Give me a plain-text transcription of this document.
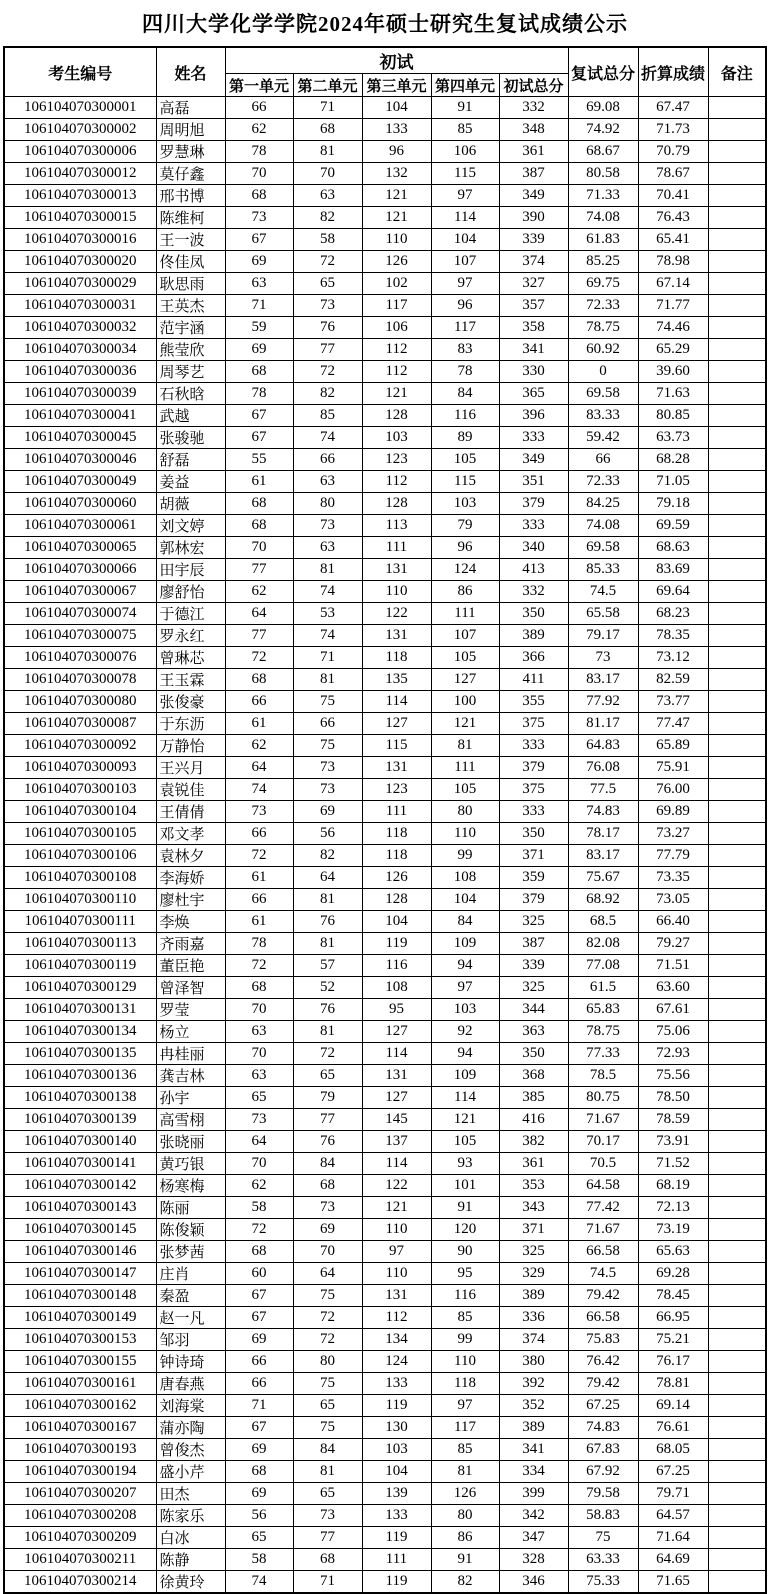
四川大学化学学院2024年硕士研究生复试成绩公示
考生编号	姓名	初试					复试总分	折算成绩	备注
		第一单元	第二单元	第三单元	第四单元	初试总分			
106104070300001	高磊	66	71	104	91	332	69.08	67.47	
106104070300002	周明旭	62	68	133	85	348	74.92	71.73	
106104070300006	罗慧琳	78	81	96	106	361	68.67	70.79	
106104070300012	莫仔鑫	70	70	132	115	387	80.58	78.67	
106104070300013	邢书博	68	63	121	97	349	71.33	70.41	
106104070300015	陈维柯	73	82	121	114	390	74.08	76.43	
106104070300016	王一波	67	58	110	104	339	61.83	65.41	
106104070300020	佟佳凤	69	72	126	107	374	85.25	78.98	
106104070300029	耿思雨	63	65	102	97	327	69.75	67.14	
106104070300031	王英杰	71	73	117	96	357	72.33	71.77	
106104070300032	范宇涵	59	76	106	117	358	78.75	74.46	
106104070300034	熊莹欣	69	77	112	83	341	60.92	65.29	
106104070300036	周琴艺	68	72	112	78	330	0	39.60	
106104070300039	石秋晗	78	82	121	84	365	69.58	71.63	
106104070300041	武越	67	85	128	116	396	83.33	80.85	
106104070300045	张骏驰	67	74	103	89	333	59.42	63.73	
106104070300046	舒磊	55	66	123	105	349	66	68.28	
106104070300049	姜益	61	63	112	115	351	72.33	71.05	
106104070300060	胡薇	68	80	128	103	379	84.25	79.18	
106104070300061	刘文婷	68	73	113	79	333	74.08	69.59	
106104070300065	郭林宏	70	63	111	96	340	69.58	68.63	
106104070300066	田宇辰	77	81	131	124	413	85.33	83.69	
106104070300067	廖舒怡	62	74	110	86	332	74.5	69.64	
106104070300074	于德江	64	53	122	111	350	65.58	68.23	
106104070300075	罗永红	77	74	131	107	389	79.17	78.35	
106104070300076	曾琳芯	72	71	118	105	366	73	73.12	
106104070300078	王玉霖	68	81	135	127	411	83.17	82.59	
106104070300080	张俊豪	66	75	114	100	355	77.92	73.77	
106104070300087	于东沥	61	66	127	121	375	81.17	77.47	
106104070300092	万静怡	62	75	115	81	333	64.83	65.89	
106104070300093	王兴月	64	73	131	111	379	76.08	75.91	
106104070300103	袁锐佳	74	73	123	105	375	77.5	76.00	
106104070300104	王倩倩	73	69	111	80	333	74.83	69.89	
106104070300105	邓文孝	66	56	118	110	350	78.17	73.27	
106104070300106	袁林夕	72	82	118	99	371	83.17	77.79	
106104070300108	李海娇	61	64	126	108	359	75.67	73.35	
106104070300110	廖杜宇	66	81	128	104	379	68.92	73.05	
106104070300111	李焕	61	76	104	84	325	68.5	66.40	
106104070300113	齐雨嘉	78	81	119	109	387	82.08	79.27	
106104070300119	董臣艳	72	57	116	94	339	77.08	71.51	
106104070300129	曾泽智	68	52	108	97	325	61.5	63.60	
106104070300131	罗莹	70	76	95	103	344	65.83	67.61	
106104070300134	杨立	63	81	127	92	363	78.75	75.06	
106104070300135	冉桂丽	70	72	114	94	350	77.33	72.93	
106104070300136	龚吉林	63	65	131	109	368	78.5	75.56	
106104070300138	孙宇	65	79	127	114	385	80.75	78.50	
106104070300139	高雪栩	73	77	145	121	416	71.67	78.59	
106104070300140	张晓丽	64	76	137	105	382	70.17	73.91	
106104070300141	黄巧银	70	84	114	93	361	70.5	71.52	
106104070300142	杨寒梅	62	68	122	101	353	64.58	68.19	
106104070300143	陈丽	58	73	121	91	343	77.42	72.13	
106104070300145	陈俊颖	72	69	110	120	371	71.67	73.19	
106104070300146	张梦茜	68	70	97	90	325	66.58	65.63	
106104070300147	庄肖	60	64	110	95	329	74.5	69.28	
106104070300148	秦盈	67	75	131	116	389	79.42	78.45	
106104070300149	赵一凡	67	72	112	85	336	66.58	66.95	
106104070300153	邹羽	69	72	134	99	374	75.83	75.21	
106104070300155	钟诗琦	66	80	124	110	380	76.42	76.17	
106104070300161	唐春燕	66	75	133	118	392	79.42	78.81	
106104070300162	刘海棠	71	65	119	97	352	67.25	69.14	
106104070300167	蒲亦陶	67	75	130	117	389	74.83	76.61	
106104070300193	曾俊杰	69	84	103	85	341	67.83	68.05	
106104070300194	盛小芹	68	81	104	81	334	67.92	67.25	
106104070300207	田杰	69	65	139	126	399	79.58	79.71	
106104070300208	陈家乐	56	73	133	80	342	58.83	64.57	
106104070300209	白冰	65	77	119	86	347	75	71.64	
106104070300211	陈静	58	68	111	91	328	63.33	64.69	
106104070300214	徐黄玲	74	71	119	82	346	75.33	71.65	
